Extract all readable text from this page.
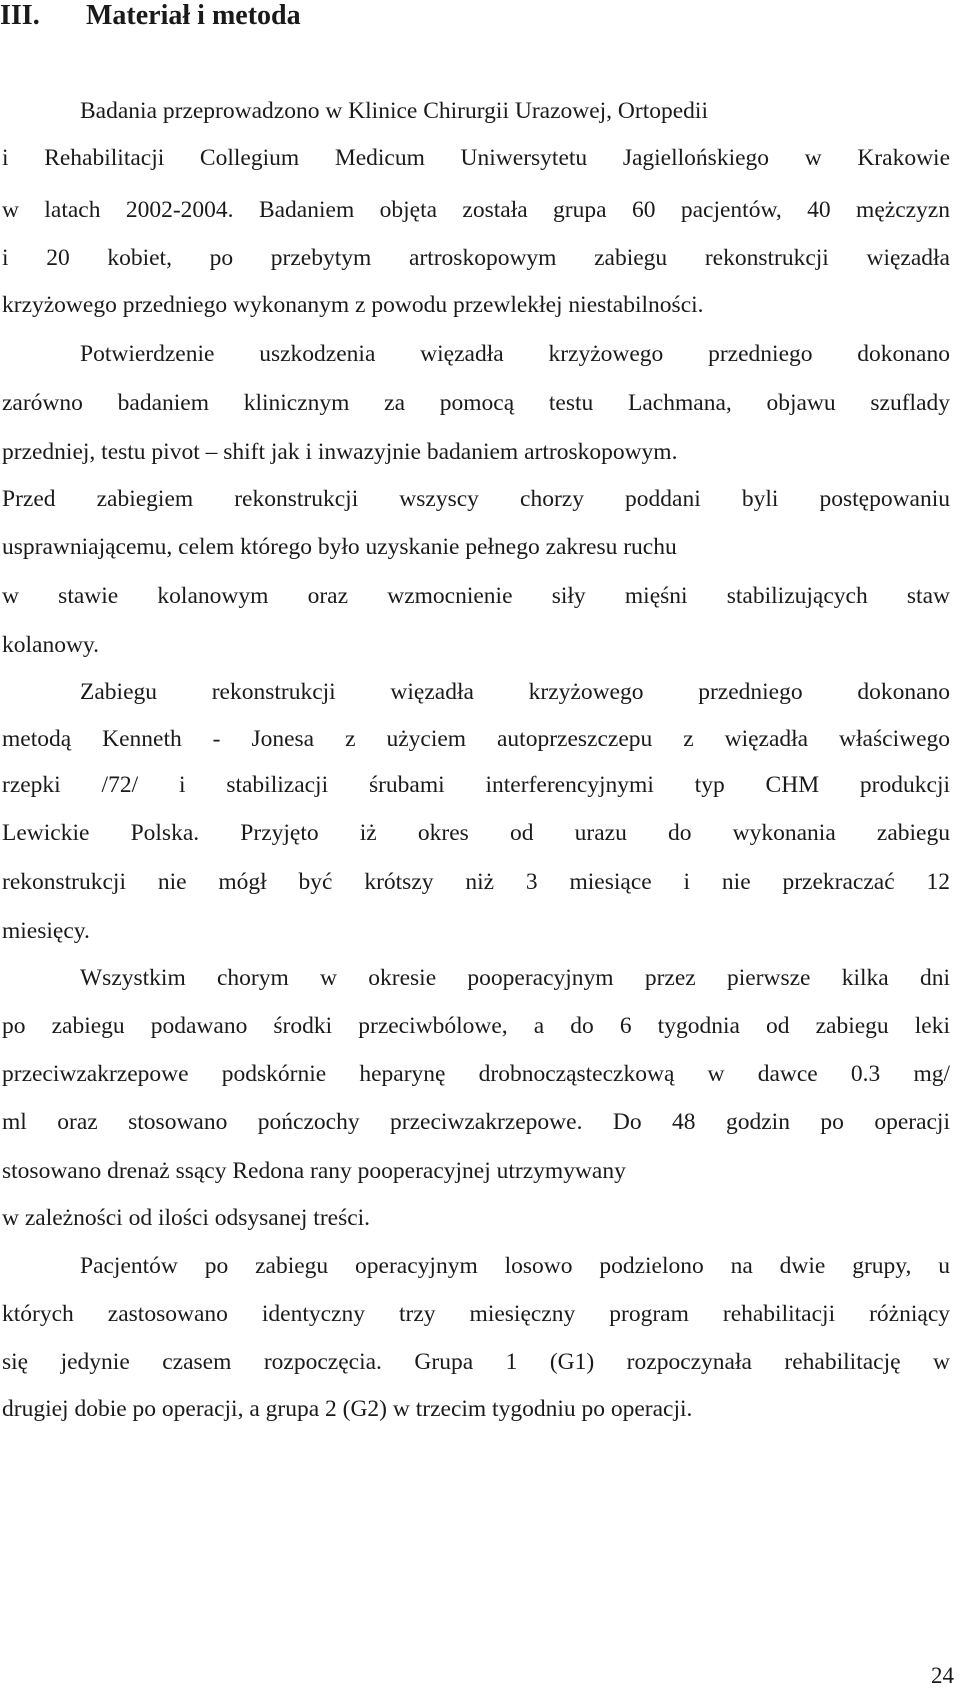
III. Materiał i metoda

Badania przeprowadzono w Klinice Chirurgii Urazowej, Ortopedii

i Rehabilitacji Collegium Medicum Uniwersytetu Jagiellońskiego w Krakowie

w latach 2002-2004. Badaniem objęta została grupa 60 pacjentów, 40 mężczyzn

i 20 kobiet, po przebytym artroskopowym zabiegu rekonstrukcji więzadła

krzyżowego przedniego wykonanym z powodu przewlekłej niestabilności.

Potwierdzenie uszkodzenia więzadła krzyżowego przedniego dokonano

zarówno badaniem klinicznym za pomocą testu Lachmana, objawu szuflady

przedniej, testu pivot – shift jak i inwazyjnie badaniem artroskopowym.

Przed zabiegiem rekonstrukcji wszyscy chorzy poddani byli postępowaniu

usprawniającemu, celem którego było uzyskanie pełnego zakresu ruchu

w stawie kolanowym oraz wzmocnienie siły mięśni stabilizujących staw

kolanowy.

Zabiegu rekonstrukcji więzadła krzyżowego przedniego dokonano

metodą Kenneth - Jonesa z użyciem autoprzeszczepu z więzadła właściwego

rzepki /72/ i stabilizacji śrubami interferencyjnymi typ CHM produkcji

Lewickie Polska. Przyjęto iż okres od urazu do wykonania zabiegu

rekonstrukcji nie mógł być krótszy niż 3 miesiące i nie przekraczać 12

miesięcy.

Wszystkim chorym w okresie pooperacyjnym przez pierwsze kilka dni

po zabiegu podawano środki przeciwbólowe, a do 6 tygodnia od zabiegu leki

przeciwzakrzepowe podskórnie heparynę drobnocząsteczkową w dawce 0.3 mg/

ml oraz stosowano pończochy przeciwzakrzepowe. Do 48 godzin po operacji

stosowano drenaż ssący Redona rany pooperacyjnej utrzymywany

w zależności od ilości odsysanej treści.

Pacjentów po zabiegu operacyjnym losowo podzielono na dwie grupy, u

których zastosowano identyczny trzy miesięczny program rehabilitacji różniący

się jedynie czasem rozpoczęcia. Grupa 1 (G1) rozpoczynała rehabilitację w

drugiej dobie po operacji, a grupa 2 (G2) w trzecim tygodniu po operacji.

24
